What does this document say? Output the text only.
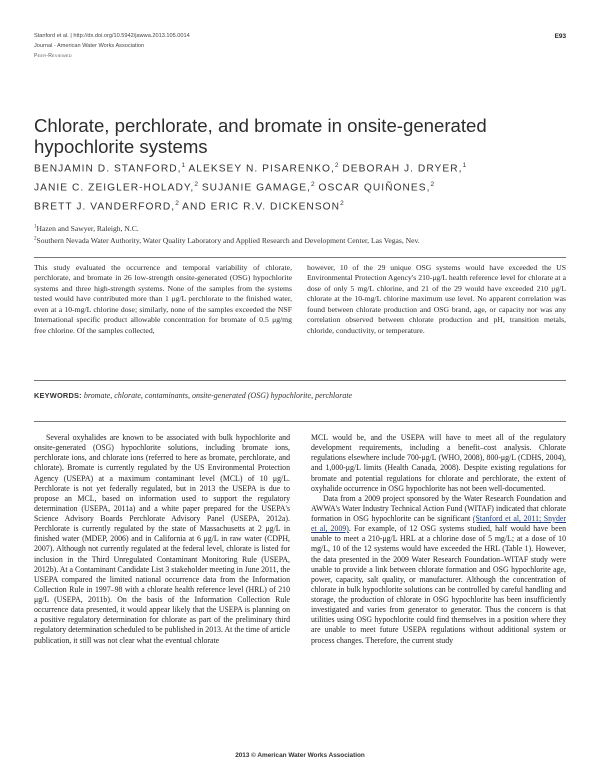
Stanford et al. | http://dx.doi.org/10.5942/jawwa.2013.105.0014	E93
Journal - American Water Works Association
Peer-Reviewed
Chlorate, perchlorate, and bromate in onsite-generated hypochlorite systems
BENJAMIN D. STANFORD,$^1$ ALEKSEY N. PISARENKO,$^2$ DEBORAH J. DRYER,$^1$
JANIE C. ZEIGLER-HOLADY,$^2$ SUJANIE GAMAGE,$^2$ OSCAR QUIÑONES,$^2$
BRETT J. VANDERFORD,$^2$ AND ERIC R.V. DICKENSON$^2$
$^1$Hazen and Sawyer, Raleigh, N.C.
$^2$Southern Nevada Water Authority, Water Quality Laboratory and Applied Research and Development Center, Las Vegas, Nev.
This study evaluated the occurrence and temporal variability of chlorate, perchlorate, and bromate in 26 low-strength onsite-generated (OSG) hypochlorite systems and three high-strength systems. None of the samples from the systems tested would have contributed more than 1 μg/L perchlorate to the finished water, even at a 10-mg/L chlorine dose; similarly, none of the samples exceeded the NSF International specific product allowable concentration for bromate of 0.5 μg/mg free chlorine. Of the samples collected,
however, 10 of the 29 unique OSG systems would have exceeded the US Environmental Protection Agency's 210-μg/L health reference level for chlorate at a dose of only 5 mg/L chlorine, and 21 of the 29 would have exceeded 210 μg/L chlorate at the 10-mg/L chlorine maximum use level. No apparent correlation was found between chlorate production and OSG brand, age, or capacity nor was any correlation observed between chlorate production and pH, transition metals, chloride, conductivity, or temperature.
KEYWORDS: bromate, chlorate, contaminants, onsite-generated (OSG) hypochlorite, perchlorate

Several oxyhalides are known to be associated with bulk hypochlorite and onsite-generated (OSG) hypochlorite solutions, including bromate ions, perchlorate ions, and chlorate ions (referred to here as bromate, perchlorate, and chlorate). Bromate is currently regulated by the US Environmental Protection Agency (USEPA) at a maximum contaminant level (MCL) of 10 μg/L. Perchlorate is not yet federally regulated, but in 2013 the USEPA is due to propose an MCL, based on information used to support the regulatory determination (USEPA, 2011a) and a white paper prepared for the USEPA's Science Advisory Boards Perchlorate Advisory Panel (USEPA, 2012a). Perchlorate is currently regulated by the state of Massachusetts at 2 μg/L in finished water (MDEP, 2006) and in California at 6 μg/L in raw water (CDPH, 2007). Although not currently regulated at the federal level, chlorate is listed for inclusion in the Third Unregulated Contaminant Monitoring Rule (USEPA, 2012b). At a Contaminant Candidate List 3 stakeholder meeting in June 2011, the USEPA compared the limited national occurrence data from the Information Collection Rule in 1997–98 with a chlorate health reference level (HRL) of 210 μg/L (USEPA, 2011b). On the basis of the Information Collection Rule occurrence data presented, it would appear likely that the USEPA is planning on a positive regulatory determination for chlorate as part of the preliminary third regulatory determination scheduled to be published in 2013. At the time of article publication, it still was not clear what the eventual chlorate

MCL would be, and the USEPA will have to meet all of the regulatory development requirements, including a benefit–cost analysis. Chlorate regulations elsewhere include 700-μg/L (WHO, 2008), 800-μg/L (CDHS, 2004), and 1,000-μg/L limits (Health Canada, 2008). Despite existing regulations for bromate and potential regulations for chlorate and perchlorate, the extent of oxyhalide occurrence in OSG hypochlorite has not been well-documented.

Data from a 2009 project sponsored by the Water Research Foundation and AWWA's Water Industry Technical Action Fund (WITAF) indicated that chlorate formation in OSG hypochlorite can be significant (Stanford et al, 2011; Snyder et al, 2009). For example, of 12 OSG systems studied, half would have been unable to meet a 210-μg/L HRL at a chlorine dose of 5 mg/L; at a dose of 10 mg/L, 10 of the 12 systems would have exceeded the HRL (Table 1). However, the data presented in the 2009 Water Research Foundation–WITAF study were unable to provide a link between chlorate formation and OSG hypochlorite age, power, capacity, salt quality, or manufacturer. Although the concentration of chlorate in bulk hypochlorite solutions can be controlled by careful handling and storage, the production of chlorate in OSG hypochlorite has been insufficiently investigated and varies from generator to generator. Thus the concern is that utilities using OSG hypochlorite could find themselves in a position where they are unable to meet future USEPA regulations without additional system or process changes. Therefore, the current study

2013 © American Water Works Association
